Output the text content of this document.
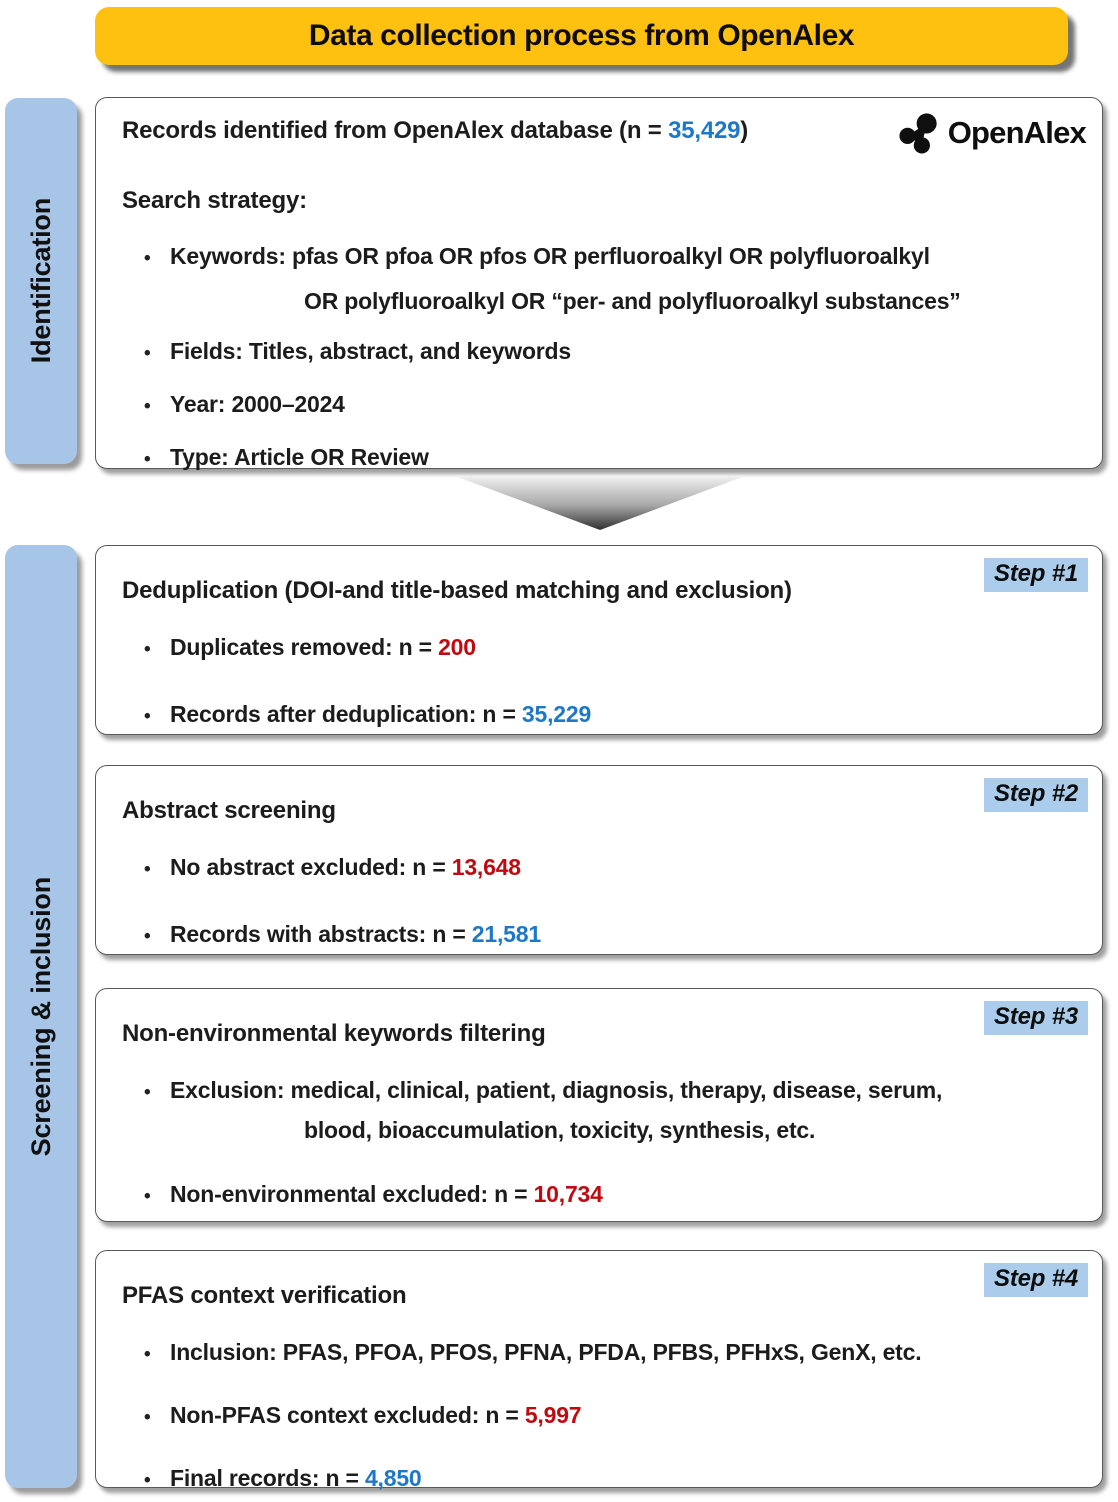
Data collection process from OpenAlex
Identification
Screening & inclusion
Records identified from OpenAlex database (n = 35,429)	OpenAlex
Search strategy:
•
Keywords: pfas OR pfoa OR pfos OR perfluoroalkyl OR polyfluoroalkyl
OR polyfluoroalkyl OR “per- and polyfluoroalkyl substances”
•
Fields: Titles, abstract, and keywords
•
Year: 2000–2024
•
Type: Article OR Review
Step #1
Deduplication (DOI-and title-based matching and exclusion)
•
Duplicates removed: n = 200
•
Records after deduplication: n = 35,229
Step #2
Abstract screening
•
No abstract excluded: n = 13,648
•
Records with abstracts: n = 21,581
Step #3
Non-environmental keywords filtering
•
Exclusion: medical, clinical, patient, diagnosis, therapy, disease, serum,
blood, bioaccumulation, toxicity, synthesis, etc.
•
Non-environmental excluded: n = 10,734
Step #4
PFAS context verification
•
Inclusion: PFAS, PFOA, PFOS, PFNA, PFDA, PFBS, PFHxS, GenX, etc.
•
Non-PFAS context excluded: n = 5,997
•
Final records: n = 4,850
